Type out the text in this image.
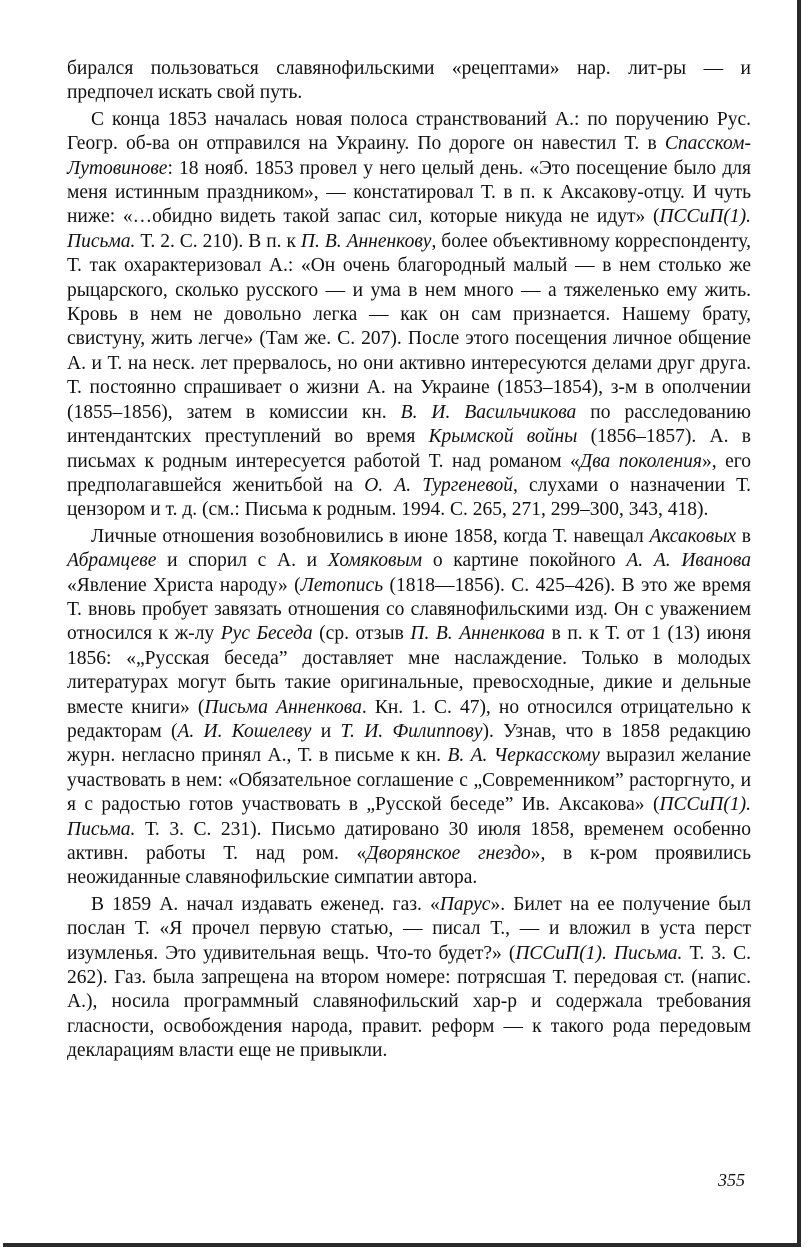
бирался пользоваться славянофильскими «рецептами» нар. лит-ры — и предпочел искать свой путь.

С конца 1853 началась новая полоса странствований А.: по поручению Рус. Геогр. об-ва он отправился на Украину. По дороге он навестил Т. в Спасском-Лутовинове: 18 нояб. 1853 провел у него целый день. «Это посещение было для меня истинным праздником», — констатировал Т. в п. к Аксакову-отцу. И чуть ниже: «…обидно видеть такой запас сил, которые никуда не идут» (ПССиП(1). Письма. Т. 2. С. 210). В п. к П. В. Анненкову, более объективному корреспонденту, Т. так охарактеризовал А.: «Он очень благородный малый — в нем столько же рыцарского, сколько русского — и ума в нем много — а тяжеленько ему жить. Кровь в нем не довольно легка — как он сам признается. Нашему брату, свистуну, жить легче» (Там же. С. 207). После этого посещения личное общение А. и Т. на неск. лет прервалось, но они активно интересуются делами друг друга. Т. постоянно спрашивает о жизни А. на Украине (1853–1854), з-м в ополчении (1855–1856), затем в комиссии кн. В. И. Васильчикова по расследованию интендантских преступлений во время Крымской войны (1856–1857). А. в письмах к родным интересуется работой Т. над романом «Два поколения», его предполагавшейся женитьбой на О. А. Тургеневой, слухами о назначении Т. цензором и т. д. (см.: Письма к родным. 1994. С. 265, 271, 299–300, 343, 418).

Личные отношения возобновились в июне 1858, когда Т. навещал Аксаковых в Абрамцеве и спорил с А. и Хомяковым о картине покойного А. А. Иванова «Явление Христа народу» (Летопись (1818—1856). С. 425–426). В это же время Т. вновь пробует завязать отношения со славянофильскими изд. Он с уважением относился к ж-лу Рус Беседа (ср. отзыв П. В. Анненкова в п. к Т. от 1 (13) июня 1856: «„Русская беседа” доставляет мне наслаждение. Только в молодых литературах могут быть такие оригинальные, превосходные, дикие и дельные вместе книги» (Письма Анненкова. Кн. 1. С. 47), но относился отрицательно к редакторам (А. И. Кошелеву и Т. И. Филиппову). Узнав, что в 1858 редакцию журн. негласно принял А., Т. в письме к кн. В. А. Черкасскому выразил желание участвовать в нем: «Обязательное соглашение с „Современником” расторгнуто, и я с радостью готов участвовать в „Русской беседе” Ив. Аксакова» (ПССиП(1). Письма. Т. 3. С. 231). Письмо датировано 30 июля 1858, временем особенно активн. работы Т. над ром. «Дворянское гнездо», в к-ром проявились неожиданные славянофильские симпатии автора.

В 1859 А. начал издавать еженед. газ. «Парус». Билет на ее получение был послан Т. «Я прочел первую статью, — писал Т., — и вложил в уста перст изумленья. Это удивительная вещь. Что-то будет?» (ПССиП(1). Письма. Т. 3. С. 262). Газ. была запрещена на втором номере: потрясшая Т. передовая ст. (напис. А.), носила программный славянофильский хар-р и содержала требования гласности, освобождения народа, правит. реформ — к такого рода передовым декларациям власти еще не привыкли.

355
